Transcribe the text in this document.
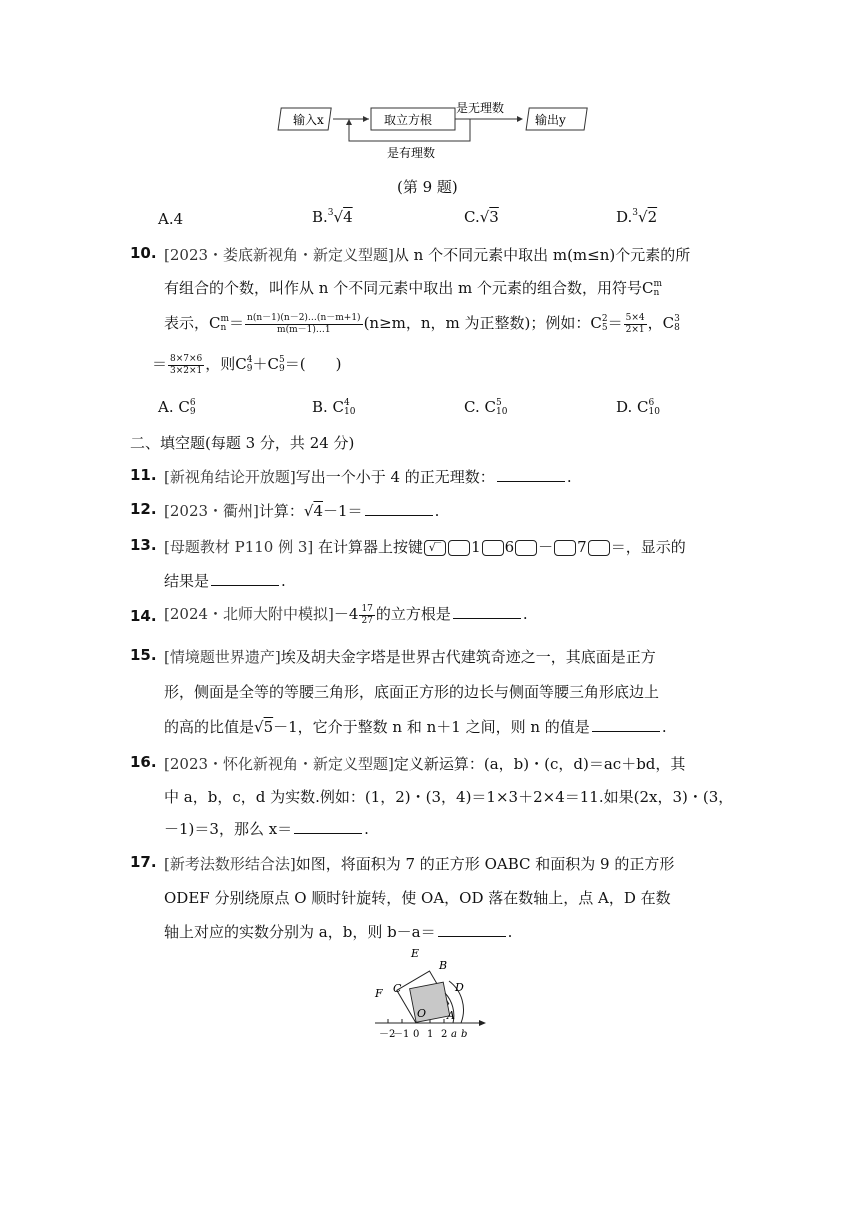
输入x	取立方根
是无理数
输出y
是有理数
(第 9 题)
A.4	B.$^3$√4	C.√3	D.$^3$√2
10. [2023・娄底新视角・新定义型题]从 n 个不同元素中取出 m(m≤n)个元素的所
有组合的个数，叫作从 n 个不同元素中取出 m 个元素的组合数，用符号C m
n
表示，C m
$n = \frac{n(n-1)(n-2)\dots(n-m+1)}{m(m-1)\dots 1} (n\ge m$，n，m 为正整数)；例如：C 2
$5 = \frac{5\times 4}{2\times 1}$ ，C 3
8
＝ $\frac{8\times 7\times 6}{3\times 2\times 1}$ ，则C 4
9 ＋C 5
9 ＝(　　)
A. C 6
9	B. C 4
10	C. C 5
10	D. C 6
10
二、填空题(每题 3 分，共 24 分)
11. [新视角结论开放题]写出一个小于 4 的正无理数：	.
12. [2023・衢州]计算：√4－1＝	.
13. [母题教材 P110 例 3] 在计算器上按键 √‾ 1 6 － 7 ＝，显示的
结果是	.
14. [2024・北师大附中模拟]$-4 \frac{17}{27}$ 的立方根是	.
15. [情境题世界遗产]埃及胡夫金字塔是世界古代建筑奇迹之一，其底面是正方
形，侧面是全等的等腰三角形，底面正方形的边长与侧面等腰三角形底边上
的高的比值是√5－1，它介于整数 n 和 n＋1 之间，则 n 的值是	.
16. [2023・怀化新视角・新定义型题]定义新运算：(a，b)・(c，d)＝ac＋bd，其
中 a，b，c，d 为实数.例如：(1，2)・(3，4)＝1×3＋2×4＝11.如果(2x，3)・(3，
－1)＝3，那么 x＝	.
17. [新考法数形结合法]如图，将面积为 7 的正方形 OABC 和面积为 9 的正方形
ODEF 分别绕原点 O 顺时针旋转，使 OA，OD 落在数轴上，点 A，D 在数
轴上对应的实数分别为 a，b，则 b－a＝	.
E
B
F C	D
O A
－2
－1 0 1 2 a b
